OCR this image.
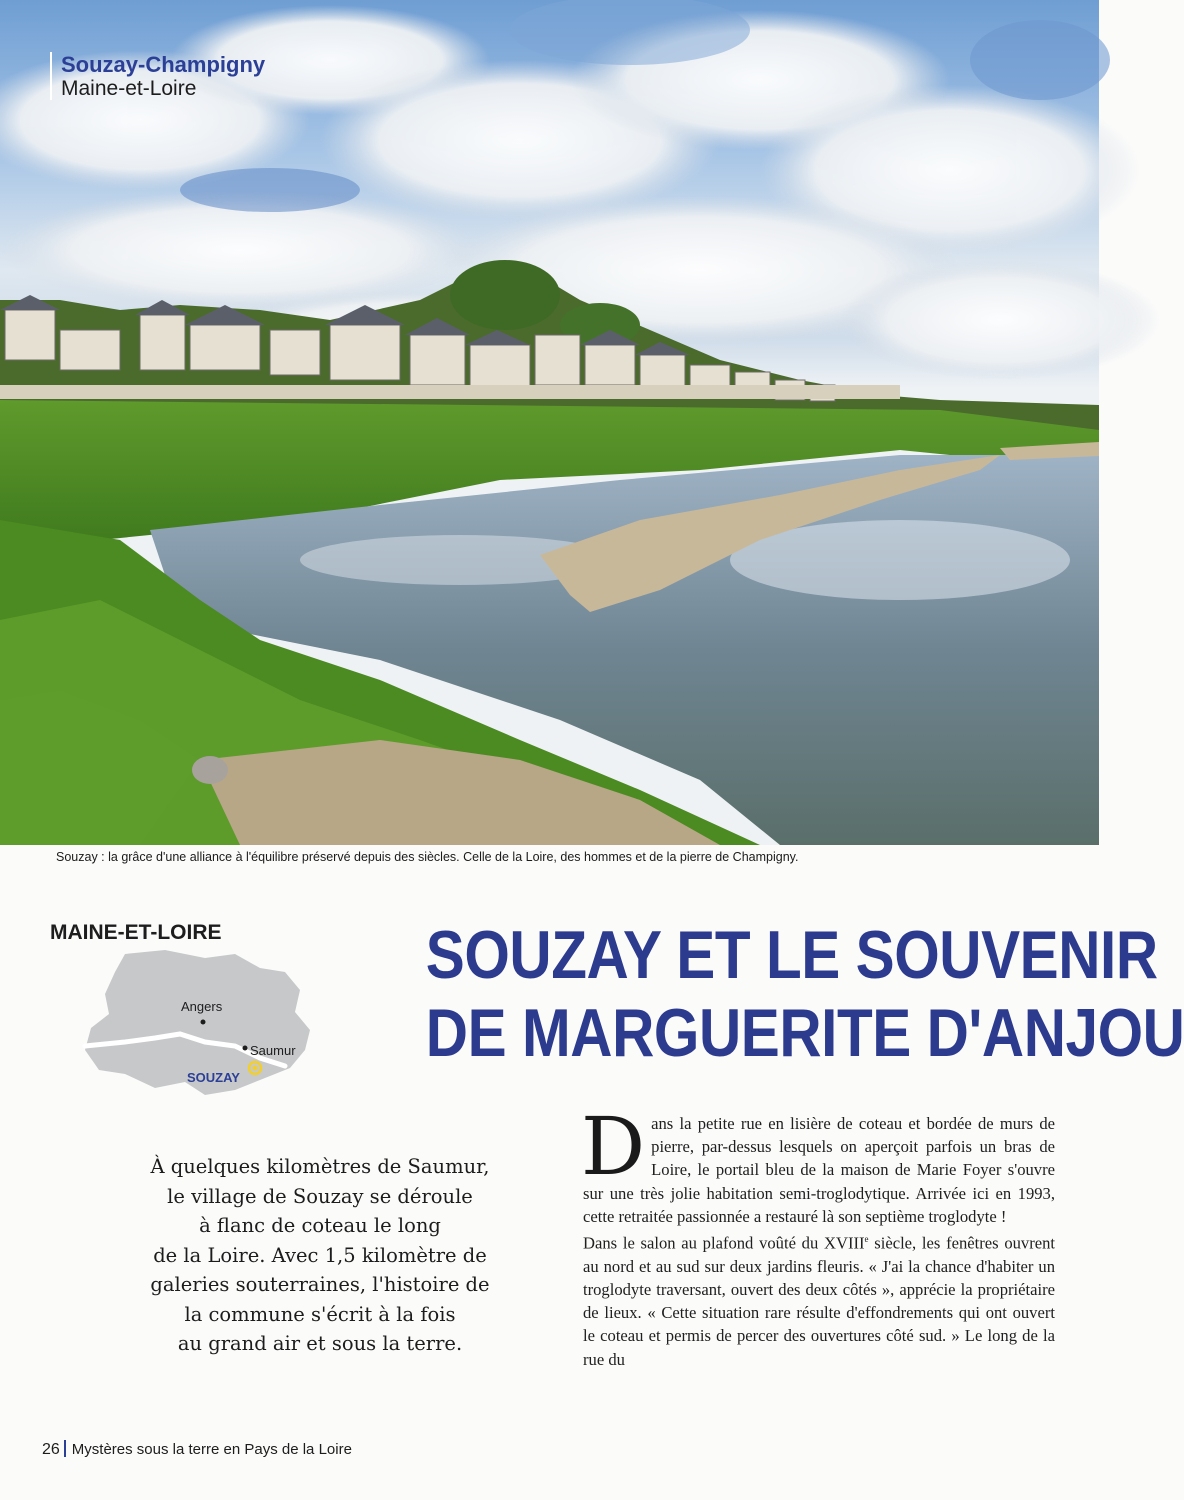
Souzay-Champigny
Maine-et-Loire
Souzay : la grâce d'une alliance à l'équilibre préservé depuis des siècles. Celle de la Loire, des hommes et de la pierre de Champigny.
MAINE-ET-LOIRE
Angers
Saumur
SOUZAY
SOUZAY ET LE SOUVENIR
DE MARGUERITE D'ANJOU

À quelques kilomètres de Saumur,

le village de Souzay se déroule

à flanc de coteau le long

de la Loire. Avec 1,5 kilomètre de

galeries souterraines, l'histoire de

la commune s'écrit à la fois

au grand air et sous la terre.

Dans la petite rue en lisière de coteau et bordée de murs de pierre, par-dessus lesquels on aperçoit parfois un bras de Loire, le portail bleu de la maison de Marie Foyer s'ouvre sur une très jolie habitation semi-troglodytique. Arrivée ici en 1993, cette retraitée passionnée a restauré là son septième troglodyte !

Dans le salon au plafond voûté du XVIIIe siècle, les fenêtres ouvrent au nord et au sud sur deux jardins fleuris. « J'ai la chance d'habiter un troglodyte traversant, ouvert des deux côtés », apprécie la propriétaire de lieux. « Cette situation rare résulte d'effondrements qui ont ouvert le coteau et permis de percer des ouvertures côté sud. » Le long de la rue du

26 Mystères sous la terre en Pays de la Loire
